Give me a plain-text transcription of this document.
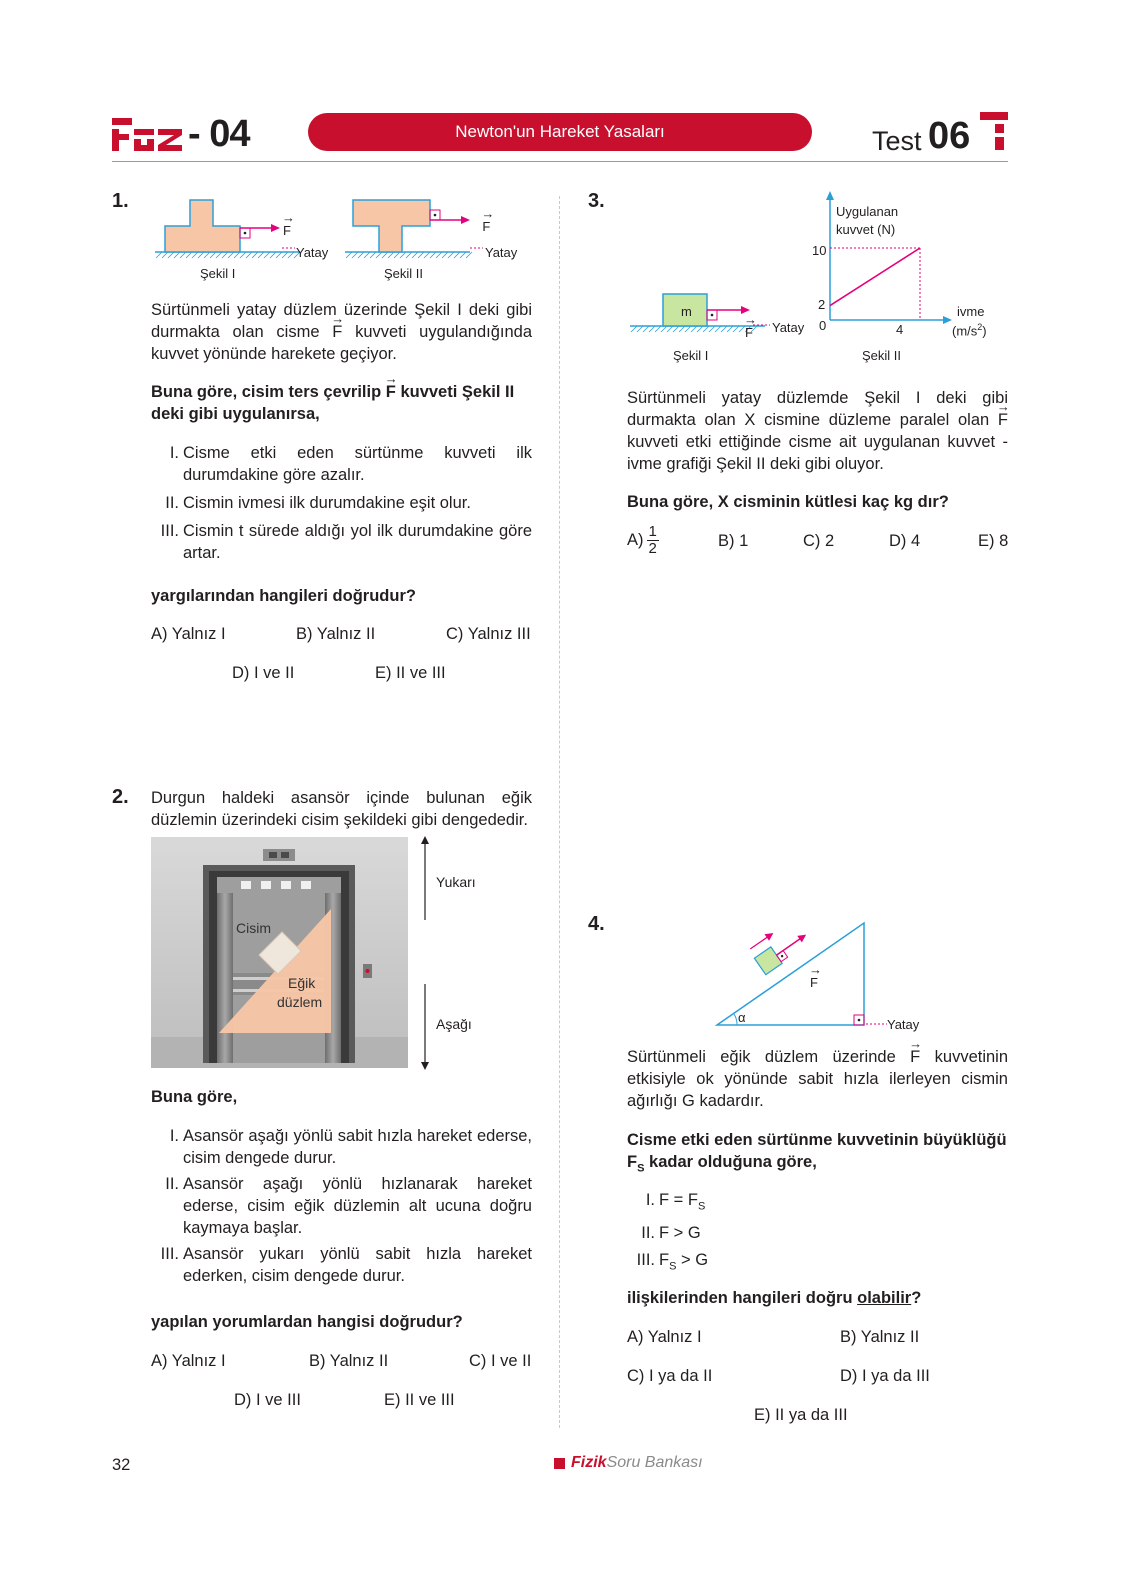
- 04	Newton'un Hareket Yasaları	Test 06
1.
→ F
Yatay
→ F
Yatay
Şekil I	Şekil II
Sürtünmeli yatay düzlem üzerinde Şekil I deki gibi durmakta olan cisme → F kuvveti uygulandığında kuvvet yönünde harekete geçiyor.
Buna göre, cisim ters çevrilip → F kuvveti Şekil II deki gibi uygulanırsa,
I. Cisme etki eden sürtünme kuvveti ilk durumdakine göre azalır.
II. Cismin ivmesi ilk durumdakine eşit olur.
III. Cismin t sürede aldığı yol ilk durumdakine göre artar.
yargılarından hangileri doğrudur?
A) Yalnız I	B) Yalnız II	C) Yalnız III
D) I ve II	E) II ve III
2. Durgun haldeki asansör içinde bulunan eğik düzlemin üzerindeki cisim şekildeki gibi dengededir.
Cisim
Eğik
düzlem
Yukarı
Aşağı
Buna göre,
I. Asansör aşağı yönlü sabit hızla hareket ederse, cisim dengede durur.
II. Asansör aşağı yönlü hızlanarak hareket ederse, cisim eğik düzlemin alt ucuna doğru kaymaya başlar.
III. Asansör yukarı yönlü sabit hızla hareket ederken, cisim dengede durur.
yapılan yorumlardan hangisi doğrudur?
A) Yalnız I	B) Yalnız II	C) I ve II
D) I ve III	E) II ve III
3.
m
→ F Yatay
Şekil I
Uygulanan
kuvvet (N)
10
2
0	4
ivme
$(m/s^2)$
Şekil II
Sürtünmeli yatay düzlemde Şekil I deki gibi durmakta olan X cismine düzleme paralel olan → F kuvveti etki ettiğinde cisme ait uygulanan kuvvet - ivme grafiği Şekil II deki gibi oluyor.
Buna göre, X cisminin kütlesi kaç kg dır?
$A) \frac{1}{2}$	B) 1	C) 2	D) 4	E) 8
4.
→ F
α	Yatay
Sürtünmeli eğik düzlem üzerinde → F kuvvetinin etkisiyle ok yönünde sabit hızla ilerleyen cismin ağırlığı G kadardır.
Cisme etki eden sürtünme kuvvetinin büyüklüğü $F_S$ kadar olduğuna göre,
I. $F = F_S$
II. F > G
III. $F_S > G$
ilişkilerinden hangileri doğru olabilir?
A) Yalnız I	B) Yalnız II
C) I ya da II	D) I ya da III
E) II ya da III
32	Fizik Soru Bankası
